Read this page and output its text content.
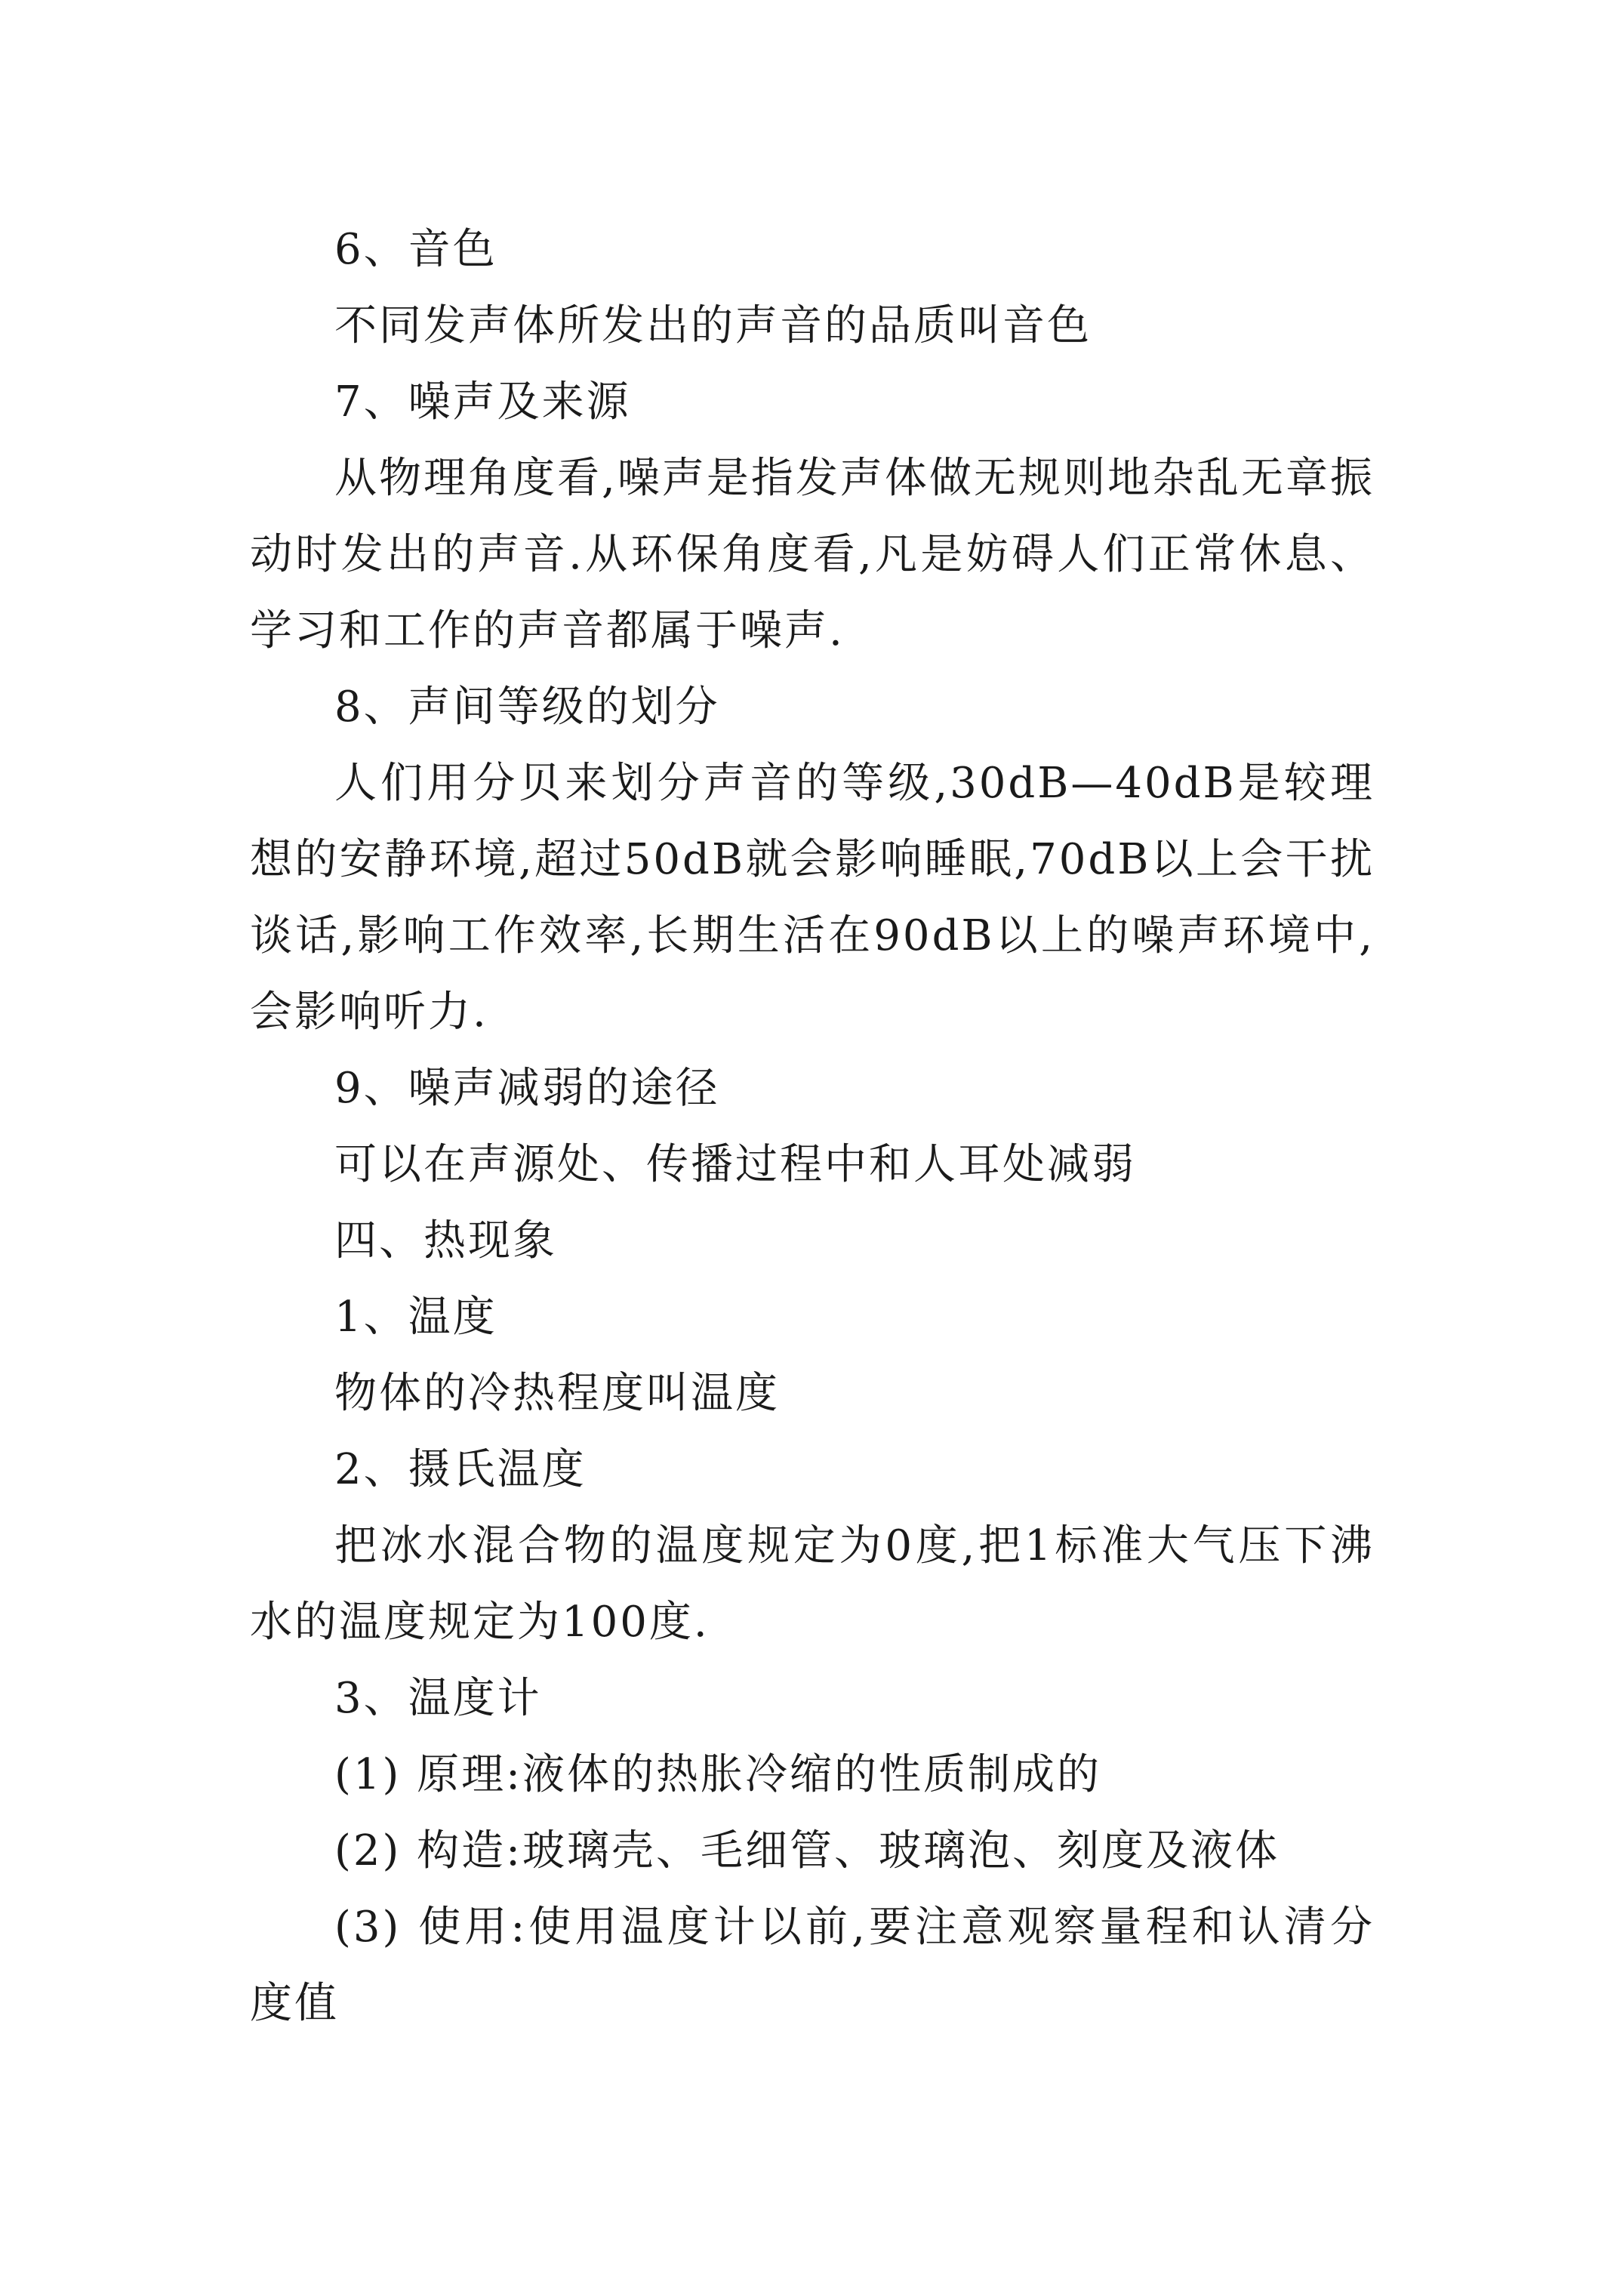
6、音色

不同发声体所发出的声音的品质叫音色

7、噪声及来源

从物理角度看,噪声是指发声体做无规则地杂乱无章振动时发出的声音.从环保角度看,凡是妨碍人们正常休息、学习和工作的声音都属于噪声.

8、声间等级的划分

人们用分贝来划分声音的等级,30dB—40dB是较理想的安静环境,超过50dB就会影响睡眠,70dB以上会干扰谈话,影响工作效率,长期生活在90dB以上的噪声环境中,会影响听力.

9、噪声减弱的途径

可以在声源处、传播过程中和人耳处减弱

四、热现象

1、温度

物体的冷热程度叫温度

2、摄氏温度

把冰水混合物的温度规定为0度,把1标准大气压下沸水的温度规定为100度.

3、温度计

(1) 原理:液体的热胀冷缩的性质制成的

(2) 构造:玻璃壳、毛细管、玻璃泡、刻度及液体

(3) 使用:使用温度计以前,要注意观察量程和认清分度值
